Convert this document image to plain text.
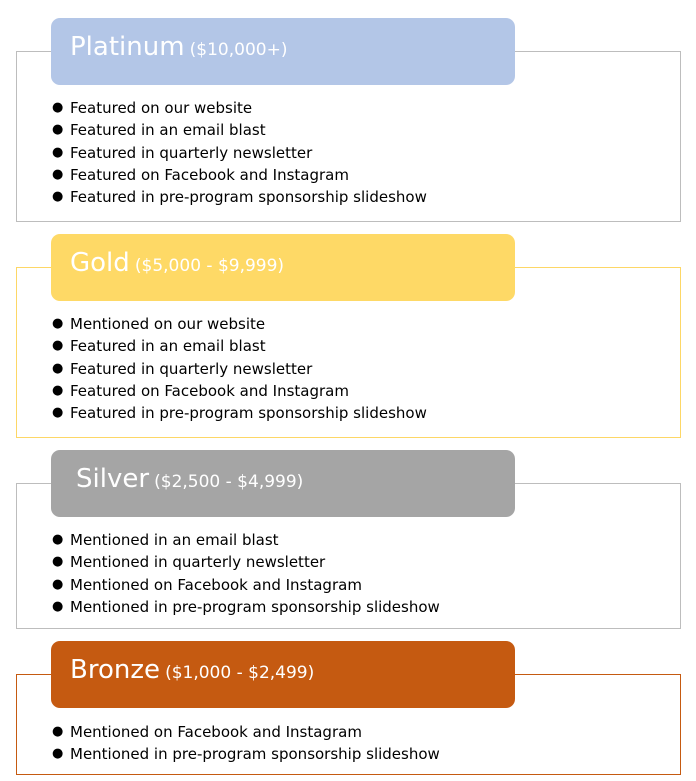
● Featured on our website
● Featured in an email blast
● Featured in quarterly newsletter
● Featured on Facebook and Instagram
● Featured in pre-program sponsorship slideshow
Platinum ($10,000+)
● Mentioned on our website
● Featured in an email blast
● Featured in quarterly newsletter
● Featured on Facebook and Instagram
● Featured in pre-program sponsorship slideshow
Gold ($5,000 - $9,999)
● Mentioned in an email blast
● Mentioned in quarterly newsletter
● Mentioned on Facebook and Instagram
● Mentioned in pre-program sponsorship slideshow
Silver ($2,500 - $4,999)
● Mentioned on Facebook and Instagram
● Mentioned in pre-program sponsorship slideshow
Bronze ($1,000 - $2,499)
